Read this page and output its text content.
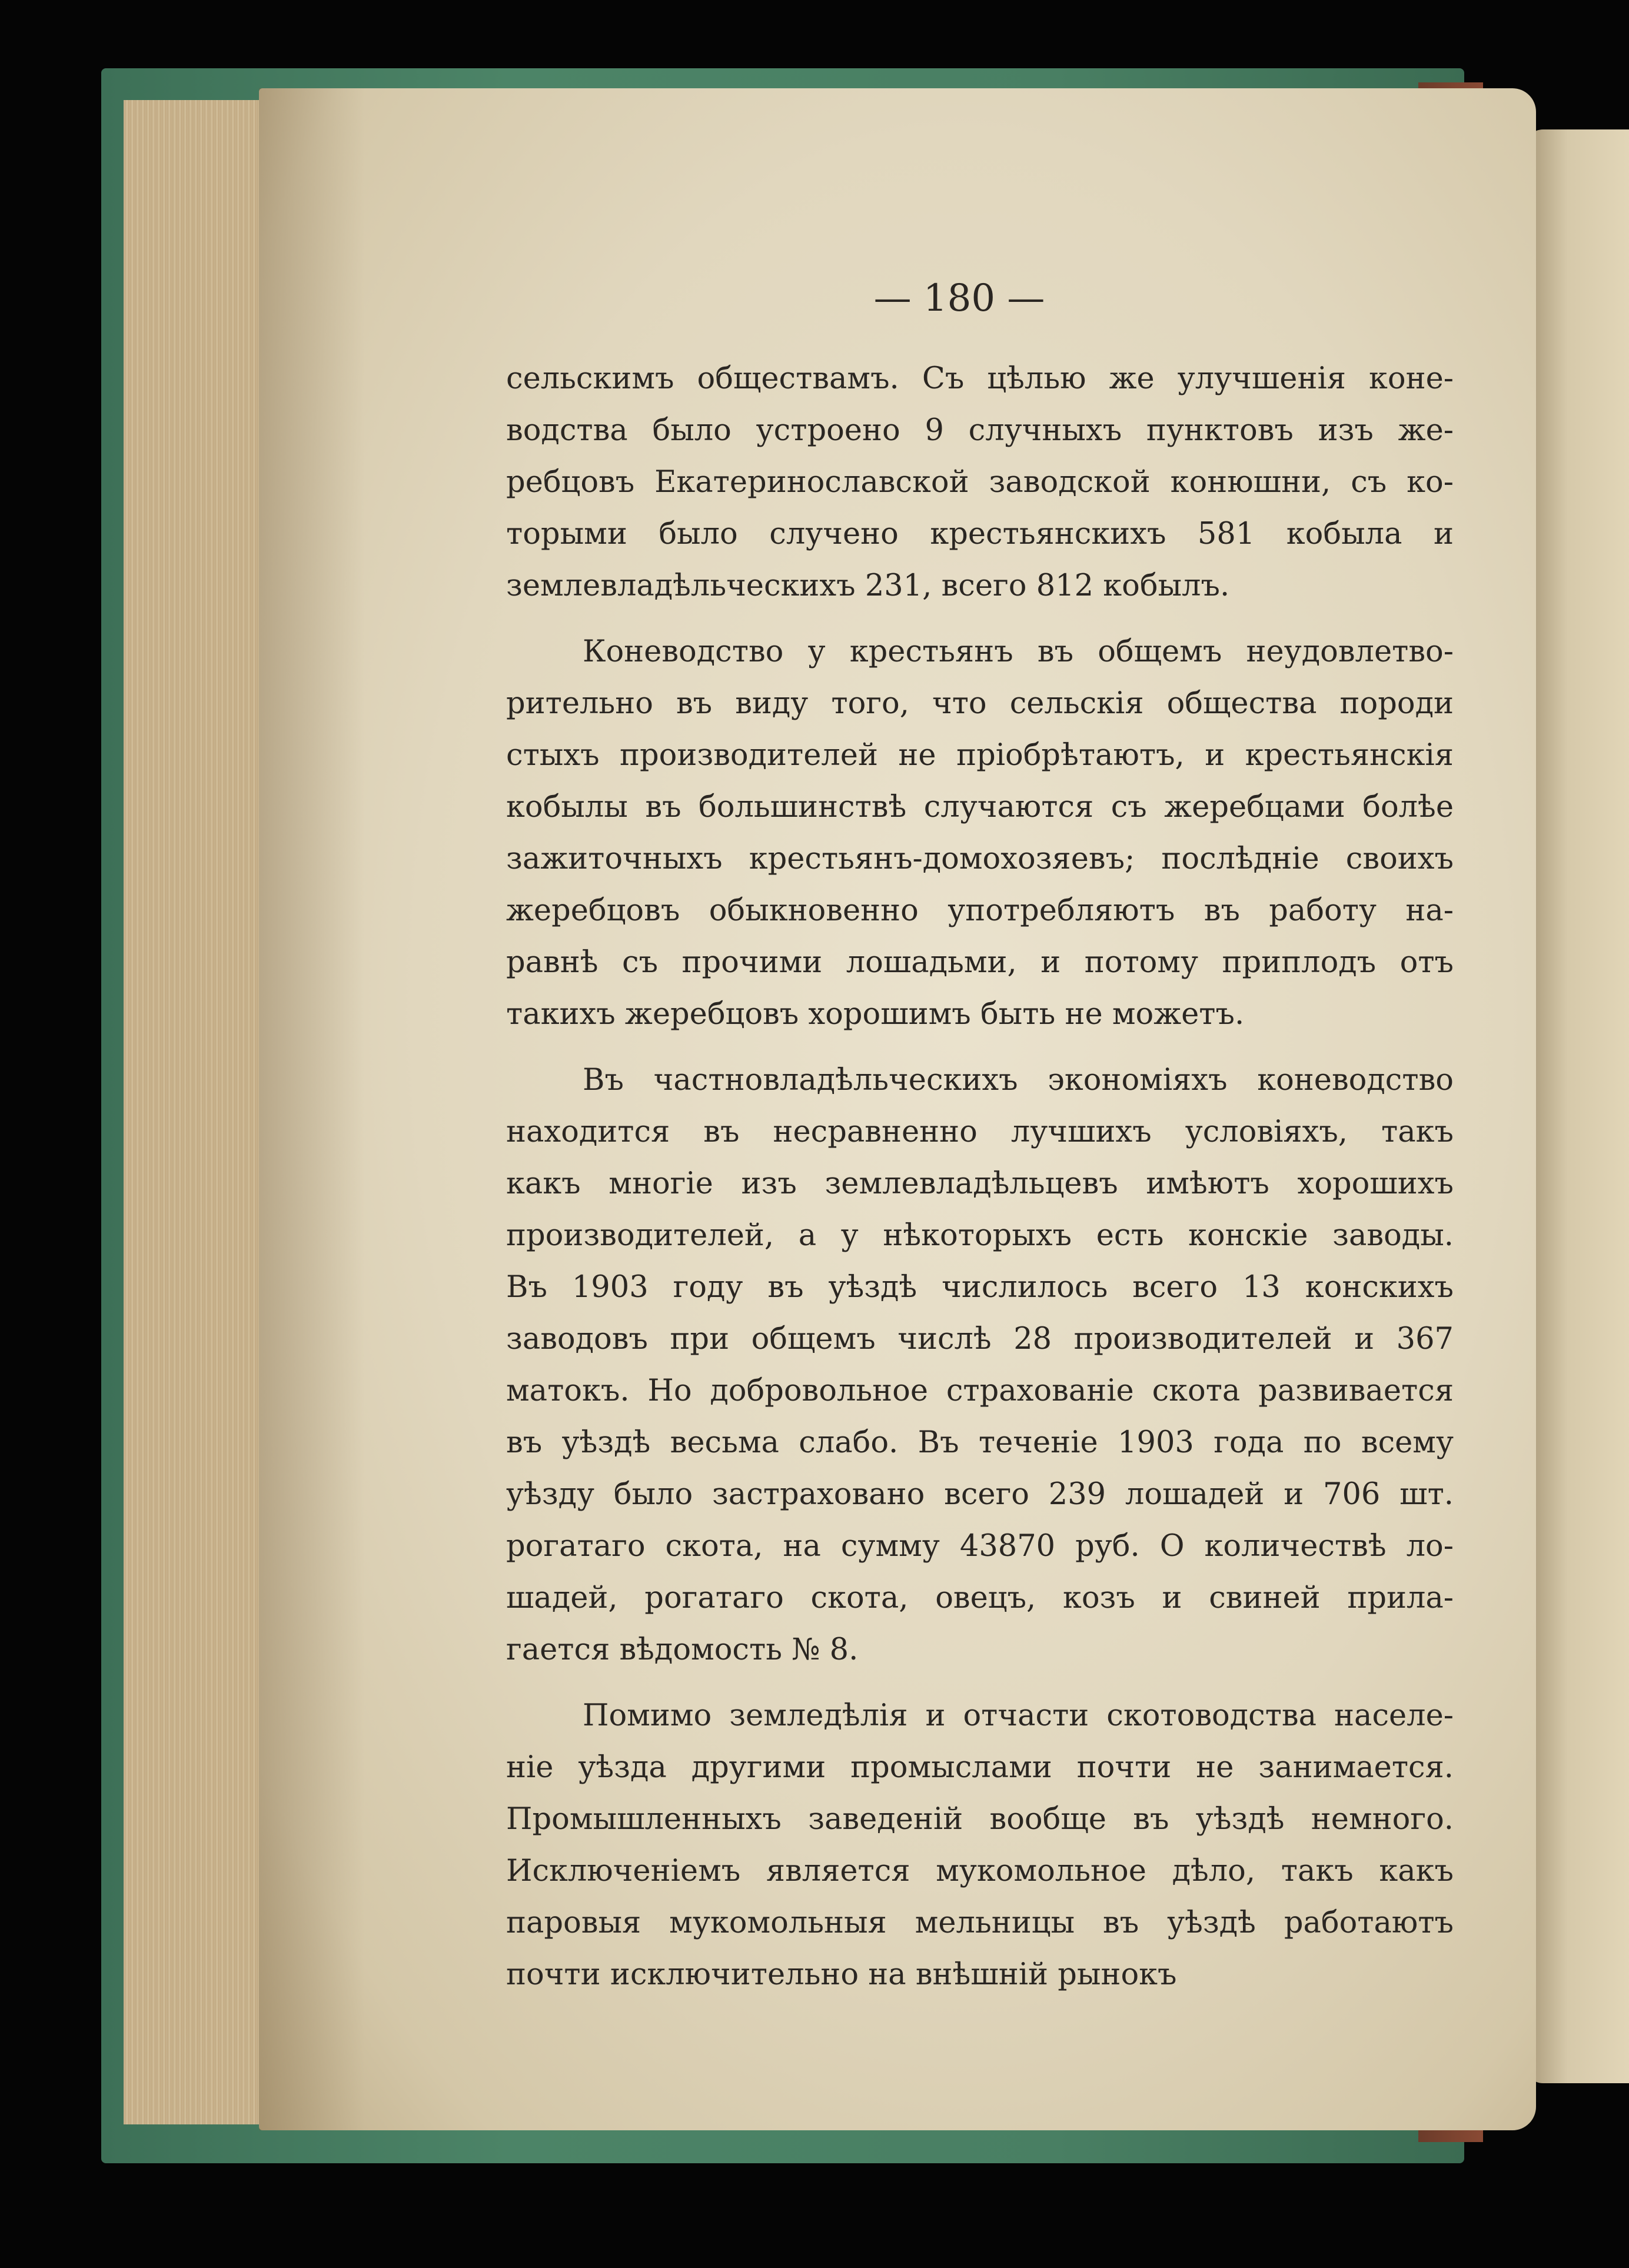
— 180 —

сельскимъ обществамъ. Съ цѣлью же улучшенія коне-
водства было устроено 9 случныхъ пунктовъ изъ же-
ребцовъ Екатеринославской заводской конюшни, съ ко-
торыми было случено крестьянскихъ 581 кобыла и
землевладѣльческихъ 231, всего 812 кобылъ.

Коневодство у крестьянъ въ общемъ неудовлетво-
рительно въ виду того, что сельскія общества породи
стыхъ производителей не пріобрѣтаютъ, и крестьянскія
кобылы въ большинствѣ случаются съ жеребцами болѣе
зажиточныхъ крестьянъ-домохозяевъ; послѣдніе своихъ
жеребцовъ обыкновенно употребляютъ въ работу на-
равнѣ съ прочими лошадьми, и потому приплодъ отъ
такихъ жеребцовъ хорошимъ быть не можетъ.

Въ частновладѣльческихъ экономіяхъ коневодство
находится въ несравненно лучшихъ условіяхъ, такъ
какъ многіе изъ землевладѣльцевъ имѣютъ хорошихъ
производителей, а у нѣкоторыхъ есть конскіе заводы.
Въ 1903 году въ уѣздѣ числилось всего 13 конскихъ
заводовъ при общемъ числѣ 28 производителей и 367
матокъ. Но добровольное страхованіе скота развивается
въ уѣздѣ весьма слабо. Въ теченіе 1903 года по всему
уѣзду было застраховано всего 239 лошадей и 706 шт.
рогатаго скота, на сумму 43870 руб. О количествѣ ло-
шадей, рогатаго скота, овецъ, козъ и свиней прила-
гается вѣдомость № 8.

Помимо земледѣлія и отчасти скотоводства населе-
ніе уѣзда другими промыслами почти не занимается.
Промышленныхъ заведеній вообще въ уѣздѣ немного.
Исключеніемъ является мукомольное дѣло, такъ какъ
паровыя мукомольныя мельницы въ уѣздѣ работаютъ
почти исключительно на внѣшній рынокъ
